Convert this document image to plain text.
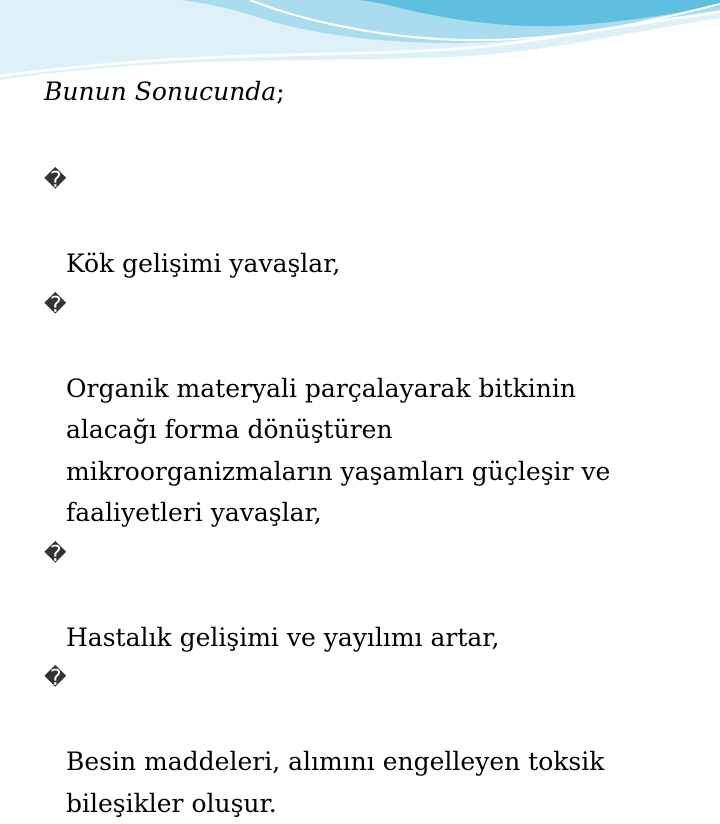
Bunun Sonucunda;

�

Kök gelişimi yavaşlar,

�

Organik materyali parçalayarak bitkinin
alacağı forma dönüştüren
mikroorganizmaların yaşamları güçleşir ve
faaliyetleri yavaşlar,

�

Hastalık gelişimi ve yayılımı artar,

�

Besin maddeleri, alımını engelleyen toksik
bileşikler oluşur.
